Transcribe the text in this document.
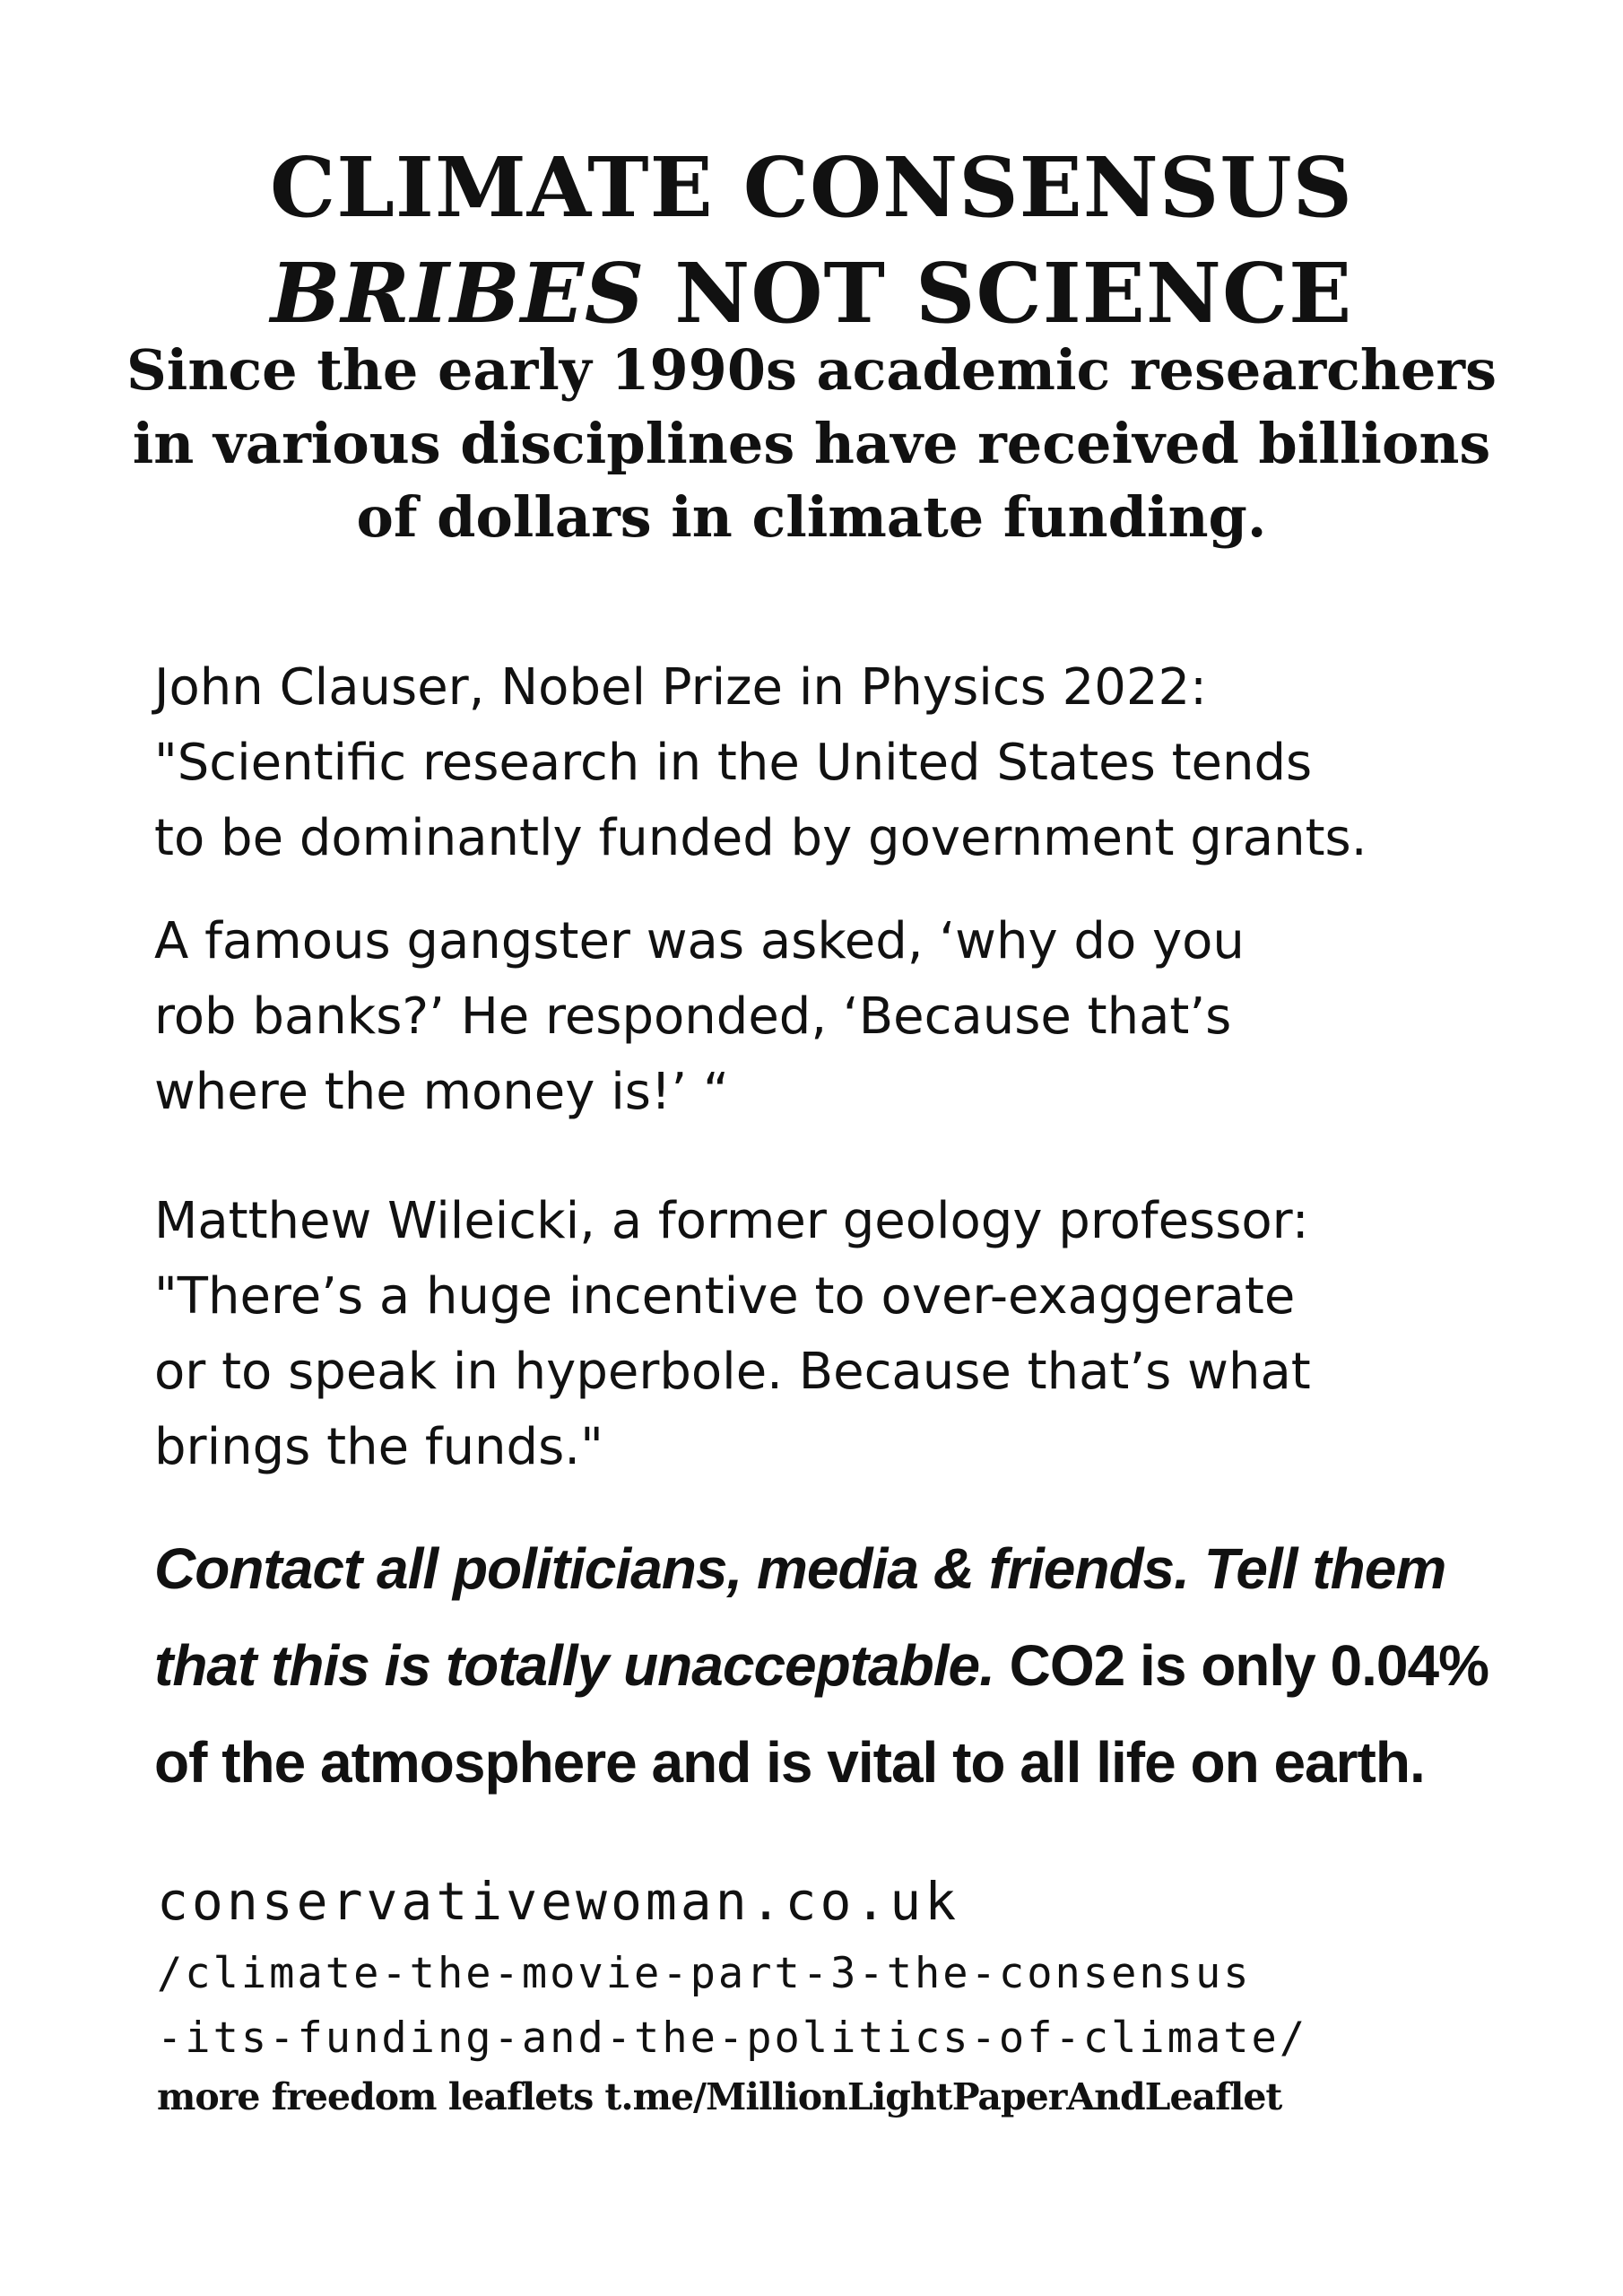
CLIMATE CONSENSUS
BRIBES NOT SCIENCE

Since the early 1990s academic researchers in various disciplines have received billions of dollars in climate funding.

John Clauser, Nobel Prize in Physics 2022:
"Scientific research in the United States tends
to be dominantly funded by government grants.

A famous gangster was asked, ‘why do you
rob banks?’ He responded, ‘Because that’s
where the money is!’ “

Matthew Wileicki, a former geology professor:
"There’s a huge incentive to over-exaggerate
or to speak in hyperbole. Because that’s what
brings the funds."

Contact all politicians, media & friends. Tell them that this is totally unacceptable. CO2 is only 0.04% of the atmosphere and is vital to all life on earth.

conservativewoman.co.uk

/climate-the-movie-part-3-the-consensus
-its-funding-and-the-politics-of-climate/

more freedom leaflets t.me/MillionLightPaperAndLeaflet
